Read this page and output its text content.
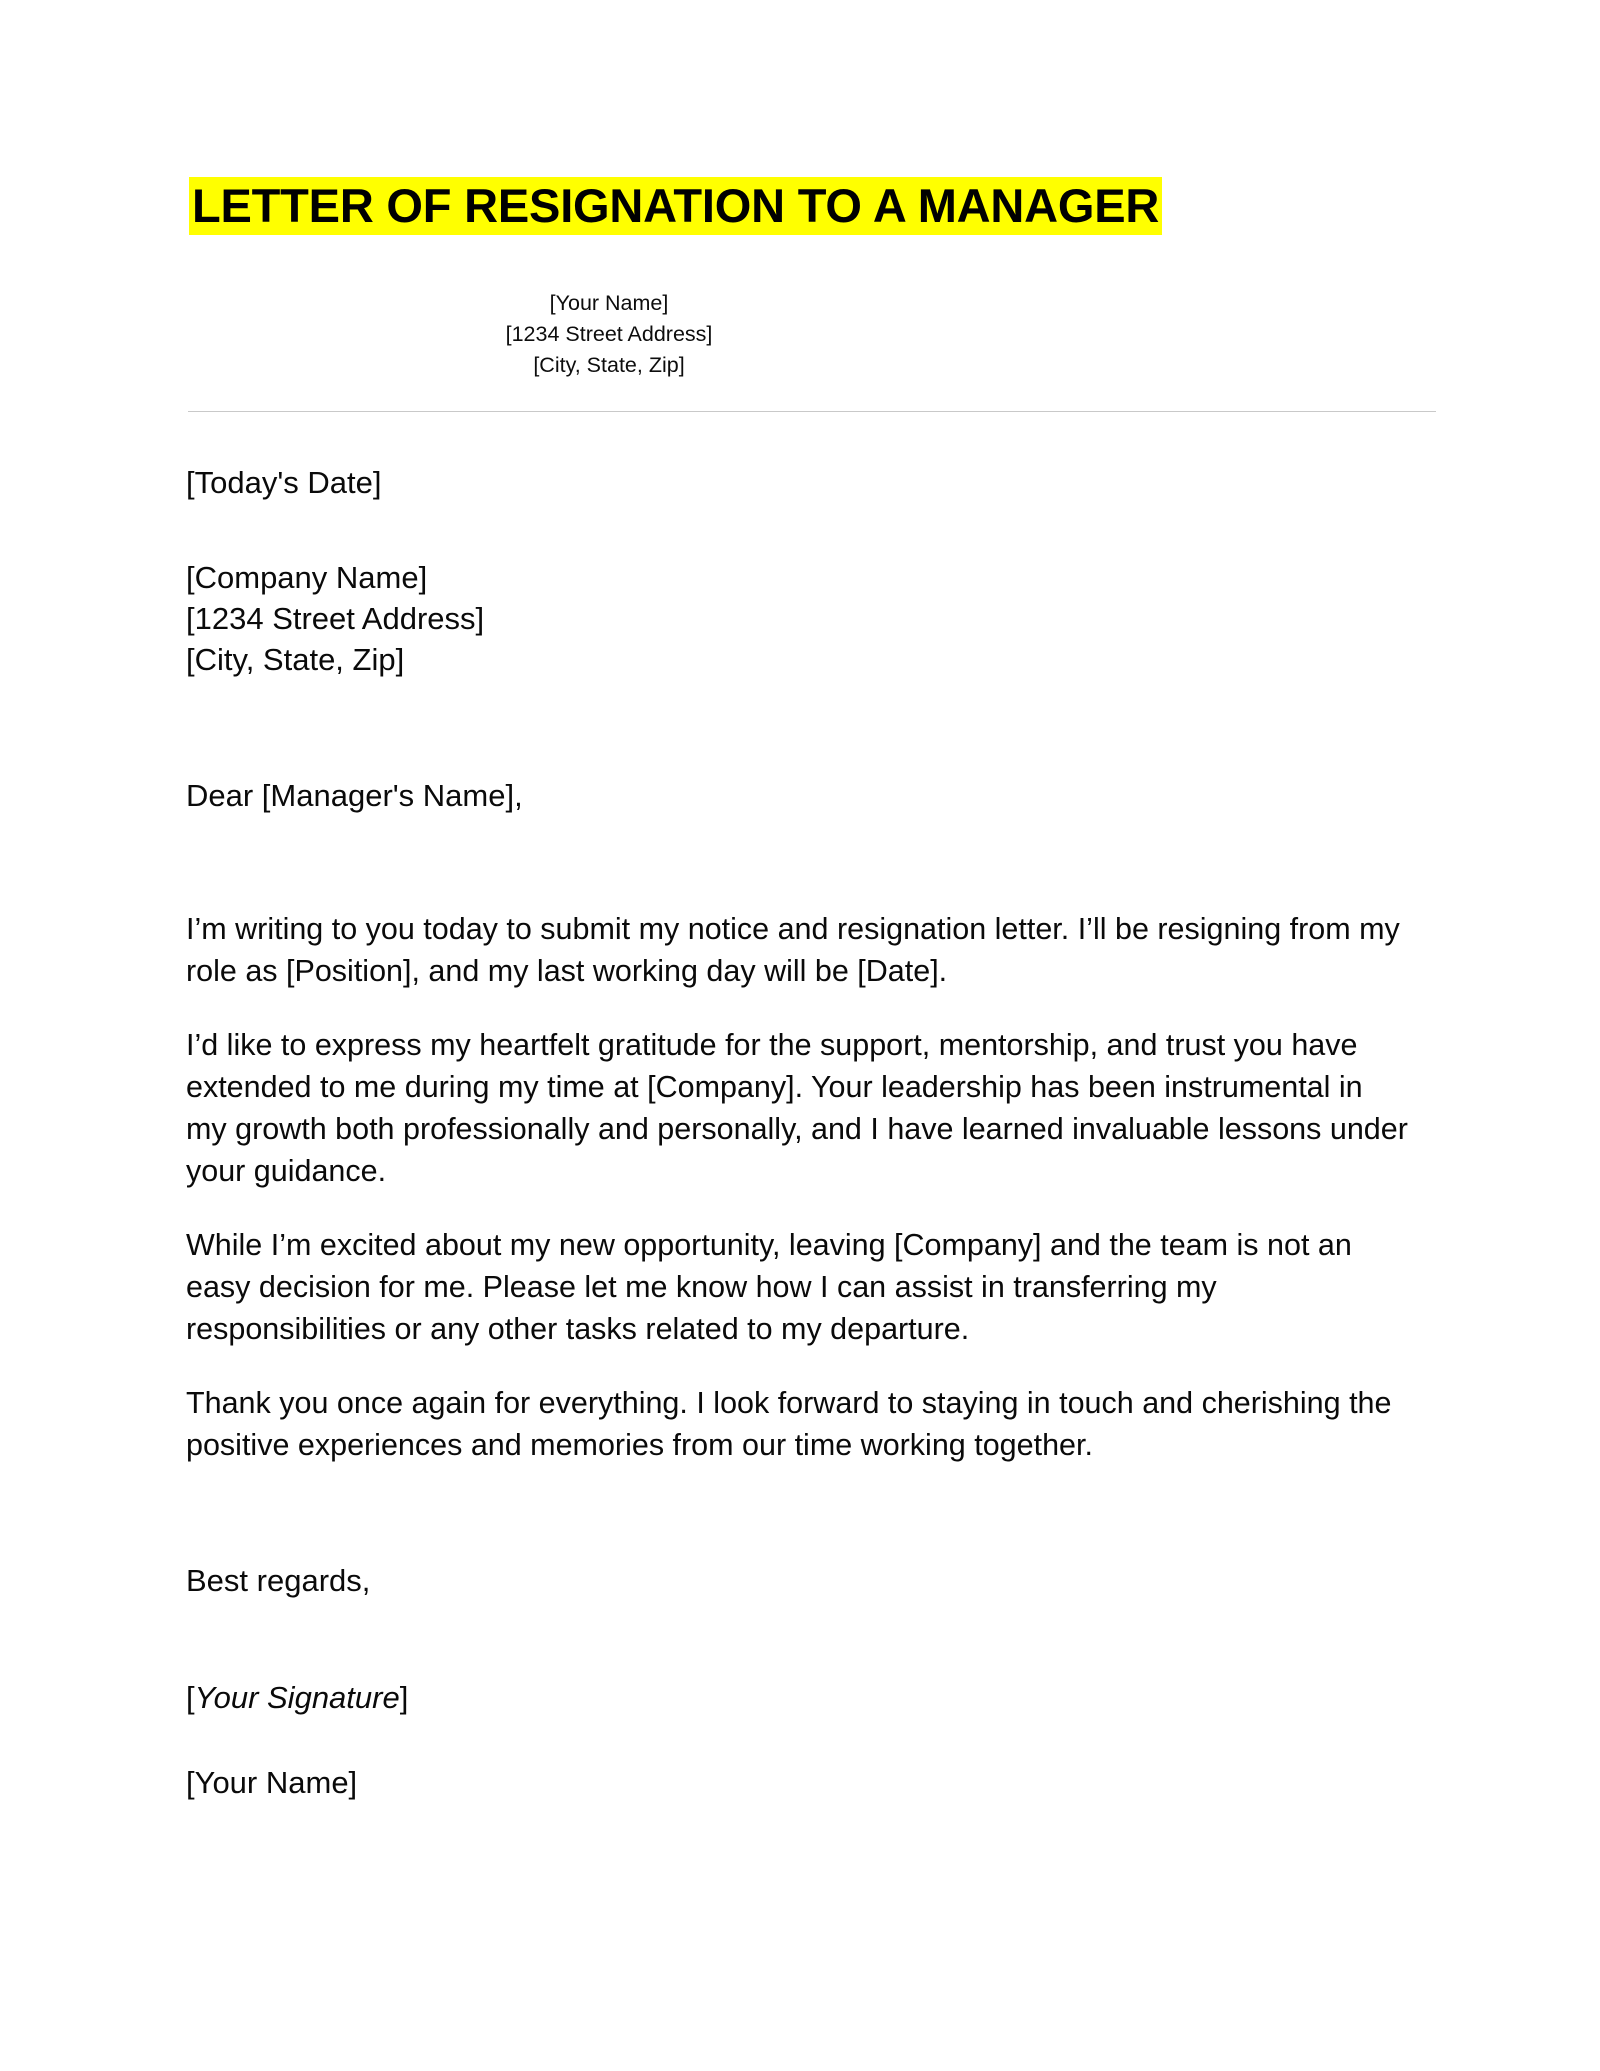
LETTER OF RESIGNATION TO A MANAGER
[Your Name]
[1234 Street Address]
[City, State, Zip]
[Today's Date]
[Company Name]
[1234 Street Address]
[City, State, Zip]
Dear [Manager's Name],

I’m writing to you today to submit my notice and resignation letter. I’ll be resigning from my role as [Position], and my last working day will be [Date].

I’d like to express my heartfelt gratitude for the support, mentorship, and trust you have extended to me during my time at [Company]. Your leadership has been instrumental in my growth both professionally and personally, and I have learned invaluable lessons under your guidance.

While I’m excited about my new opportunity, leaving [Company] and the team is not an easy decision for me. Please let me know how I can assist in transferring my responsibilities or any other tasks related to my departure.

Thank you once again for everything. I look forward to staying in touch and cherishing the positive experiences and memories from our time working together.

Best regards,
[Your Signature]
[Your Name]
